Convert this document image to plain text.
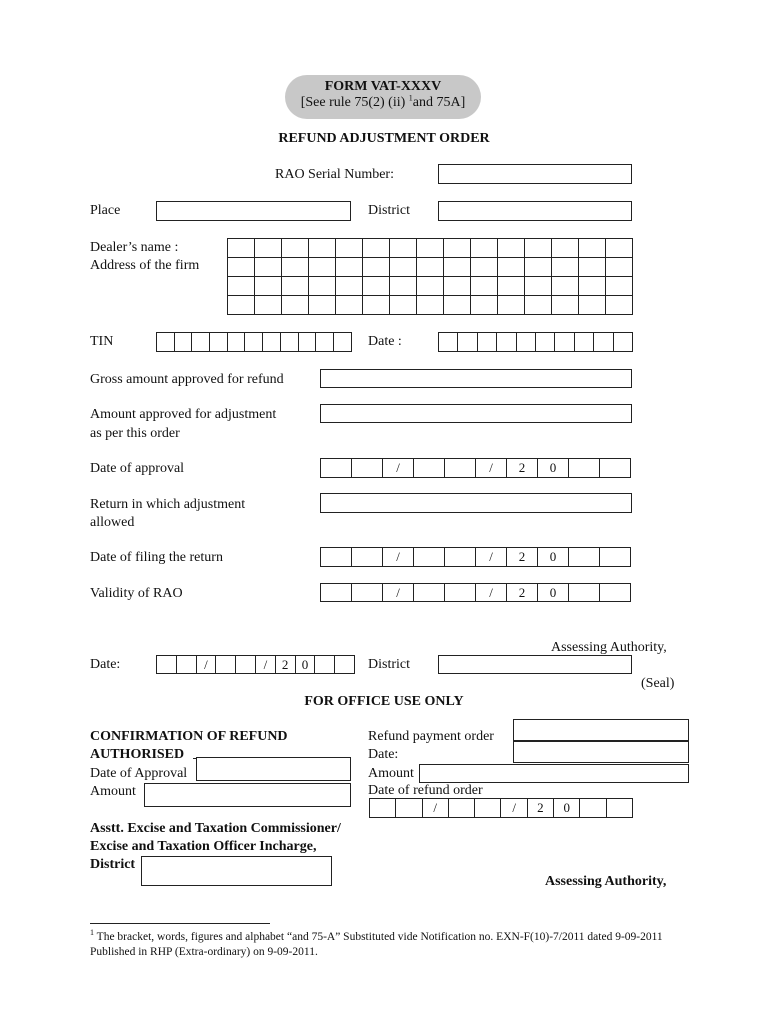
FORM VAT-XXXV
[See rule 75(2) (ii) $^1$and 75A]
REFUND ADJUSTMENT ORDER
RAO Serial Number:
Place	District
Dealer’s name :
Address of the firm
TIN	Date :
Gross amount approved for refund
Amount approved for adjustment
as per this order
Date of approval	/	/	2	0
Return in which adjustment
allowed
Date of filing the return	/	/	2	0
Validity of RAO	/	/	2	0
Assessing Authority,
Date:	/	/	2	0	District
(Seal)
FOR OFFICE USE ONLY
CONFIRMATION OF REFUND
AUTHORISED
Date of Approval
Amount
Refund payment order
Date:
Amount
Date of refund order
/	/	2	0
Asstt. Excise and Taxation Commissioner/
Excise and Taxation Officer Incharge,
District
Assessing Authority,
$^1$ The bracket, words, figures and alphabet “and 75-A” Substituted vide Notification no. EXN-F(10)-7/2011 dated 9-09-2011 Published in RHP (Extra-ordinary) on 9-09-2011.
